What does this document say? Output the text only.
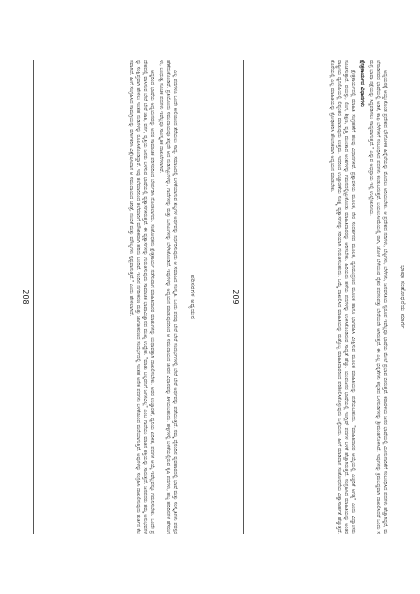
ಪರಿಸರಗಳ ಅಧ್ಯಯನ

ಎಲ್ಲ ಪದಗಳೂ ಒಂದೇ ಕೀಲಿಯಿಂದ ತೆರೆಯಲು ಸಾಧ್ಯ. ಸಮಾಜದಲ್ಲಿ ಬಳಕೆಯಾಗುವ ಶಬ್ದಗಳ ಅರ್ಥವನ್ನು ನಿರ್ಧರಿಸುವುದು ಆ ಸಮಾಜದ ಸಂಸ್ಕೃತಿ. ಒಂದು ಪದವು ಬೇರೆ ಬೇರೆ ಸಂದರ್ಭಗಳಲ್ಲಿ ಬೇರೆ ಬೇರೆ ಅರ್ಥವನ್ನು ಪಡೆಯುತ್ತದೆ. ನಮ್ಮ ದೈನಂದಿನ ವ್ಯವಹಾರದಲ್ಲಿ ಭಾಷೆ ಮತ್ತು ಸಂಸ್ಕೃತಿಗಳು ಪರಸ್ಪರ ಹೆಣೆದುಕೊಂಡಿವೆ. ಪ್ರತಿಯೊಂದು ಸಮುದಾಯವೂ ತನ್ನದೇ ಆದ ನುಡಿಗಟ್ಟುಗಳನ್ನು, ಗಾದೆಗಳನ್ನು ಮತ್ತು ಒಗಟುಗಳನ್ನು ಬೆಳೆಸಿಕೊಂಡಿದೆ. ಇವುಗಳನ್ನು ಅಧ್ಯಯನ ಮಾಡುವುದರಿಂದ ಆ ಸಮುದಾಯದ ಜೀವನ ವಿಧಾನವನ್ನು ತಿಳಿಯಬಹುದು. ಹಳ್ಳಿಗಳಲ್ಲಿ ಬಳಕೆಯಲ್ಲಿರುವ ಕೃಷಿ ಪದಗಳು, ಹಬ್ಬ ಹರಿದಿನಗಳ ಹೆಸರುಗಳು, ಬಂಧುತ್ವ ಸೂಚಕ ಪದಗಳು ಇವೆಲ್ಲವೂ ಸಾಂಸ್ಕೃತಿಕ ದಾಖಲೆಗಳಾಗಿವೆ.

ಆದ್ದರಿಂದ ಭಾಷೆಯ ಅಧ್ಯಯನವನ್ನು ಅದರ ಸಾಮಾಜಿಕ ಪರಿಸರದಿಂದ ಬೇರ್ಪಡಿಸಿ ನೋಡಲಾಗದು. ಸಂಶೋಧಕನು ಕ್ಷೇತ್ರಕಾರ್ಯ ನಡೆಸುವಾಗ ಮಾಹಿತಿದಾರರ ಮಾತುಗಳನ್ನು ಯಥಾವತ್ತಾಗಿ ದಾಖಲಿಸಬೇಕು. ಅವರ ಉಚ್ಚಾರಣೆ, ಧ್ವನಿಯ ಏರಿಳಿತ, ಪದಗಳ ಆಯ್ಕೆ ಇವೆಲ್ಲವನ್ನೂ ಗಮನಿಸಬೇಕು. ಒಂದೇ ಪ್ರದೇಶದಲ್ಲಿ ವಾಸಿಸುವ ಬೇರೆ ಬೇರೆ ಜಾತಿ, ವರ್ಗ, ವೃತ್ತಿಯ ಜನರು ಬಳಸುವ ಭಾಷೆಯಲ್ಲಿ ವ್ಯತ್ಯಾಸಗಳಿರುತ್ತವೆ. ಈ ವ್ಯತ್ಯಾಸಗಳನ್ನು ಗುರುತಿಸುವುದು ಸಾಮಾಜಿಕ ಭಾಷಾವಿಜ್ಞಾನದ ಮುಖ್ಯ ಉದ್ದೇಶ. "ಮಾತು ಬಲ್ಲವನಿಗೆ ಜಗಳವಿಲ್ಲ" ಎಂಬ ಗಾದೆಯು ಮಾತಿನ ಶಕ್ತಿಯನ್ನು ಸಾರುತ್ತದೆ. ಜನಪದರು ತಮ್ಮ ಅನುಭವಗಳನ್ನು ಸಂಕ್ಷಿಪ್ತವಾಗಿ ಹೇಳಲು ಇಂತಹ ನುಡಿಗಳನ್ನು ರೂಪಿಸಿಕೊಂಡಿದ್ದಾರೆ. ಇವು ತಲೆಮಾರಿನಿಂದ ತಲೆಮಾರಿಗೆ ಮೌಖಿಕವಾಗಿ ಹರಿದು ಬಂದಿವೆ. ಇಂದಿನ ನಗರೀಕರಣ ಮತ್ತು ಜಾಗತೀಕರಣದ ಸಂದರ್ಭದಲ್ಲಿ ಇಂತಹ ಅನೇಕ ಪದಗಳು ಬಳಕೆಯಿಂದ ಮರೆಯಾಗುತ್ತಿವೆ. ಅವುಗಳನ್ನು ಸಂಗ್ರಹಿಸಿ ದಾಖಲಿಸುವುದು ತುರ್ತಿನ ಕೆಲಸವಾಗಿದೆ. ಹೀಗೆ ಸಂಗ್ರಹಿಸಿದ ಸಾಮಗ್ರಿಯನ್ನು ವರ್ಗೀಕರಿಸಿ ವಿಶ್ಲೇಷಿಸಿದಾಗ ಆ ಸಮುದಾಯದ ಚರಿತ್ರೆ, ನಂಬಿಕೆ ಮತ್ತು ಮೌಲ್ಯಗಳು ಸ್ಪಷ್ಟವಾಗುತ್ತವೆ." ಎಂದು ಹೇಳಲಾಗಿದೆ.

208	ಭಾಷಾ ಸಂಶೋಧನೆಯ ಮಾರ್ಗ

ಅಧ್ಯಯನಕ್ಕೆ ಆಯ್ದುಕೊಂಡ ಪ್ರದೇಶದ ಭೌಗೋಳಿಕ ಹಿನ್ನೆಲೆಯನ್ನು ಮೊದಲು ಅರಿಯಬೇಕು. ಆ ಪ್ರದೇಶದ ನದಿಗಳು, ಬೆಟ್ಟಗಳು, ಬೆಳೆಗಳು, ಜನವಸತಿಯ ಸ್ವರೂಪ ಇವೆಲ್ಲವೂ ಭಾಷೆಯ ಮೇಲೆ ಪ್ರಭಾವ ಬೀರುತ್ತವೆ. ಕರಾವಳಿಯ ಜನರ ಭಾಷೆಯಲ್ಲಿ ಮೀನುಗಾರಿಕೆಗೆ ಸಂಬಂಧಿಸಿದ ಪದಗಳು ಹೆಚ್ಚಾಗಿದ್ದರೆ, ಮಲೆನಾಡಿನವರ ಭಾಷೆಯಲ್ಲಿ ಅಡಿಕೆ, ಕಾಫಿ ಬೆಳೆಗಳಿಗೆ ಸಂಬಂಧಿಸಿದ ಪದಗಳು ಕಂಡುಬರುತ್ತವೆ. ಬಯಲುಸೀಮೆಯಲ್ಲಿ ರಾಗಿ, ಜೋಳ ಬೆಳೆಯುವ ರೈತರ ಪದಸಂಪತ್ತು ಬೇರೆಯದೇ ಆಗಿರುತ್ತದೆ. ಈ ಎಲ್ಲ ಭಿನ್ನತೆಗಳು ಕನ್ನಡದ ಒಳನುಡಿಗಳನ್ನು ಶ್ರೀಮಂತಗೊಳಿಸಿವೆ. ಇವುಗಳನ್ನು ಕ್ರಮಬದ್ಧವಾಗಿ ದಾಖಲಿಸಿದರೆ ಒಂದು ಸಮಗ್ರ ಭಾಷಾ ನಕ್ಷೆಯನ್ನು ಸಿದ್ಧಪಡಿಸಲು ಸಾಧ್ಯವಾಗುತ್ತದೆ." ಎನ್ನುವ ಅಭಿಪ್ರಾಯ ಇಲ್ಲಿ ಉಲ್ಲೇಖನೀಯ.

ಕ್ಷೇತ್ರಕಾರ್ಯದ ವಿಧಾನಗಳು

ಕ್ಷೇತ್ರಕಾರ್ಯದಲ್ಲಿ ಮಾಹಿತಿ ಸಂಗ್ರಹಣೆಗೆ ಹಲವು ವಿಧಾನಗಳಿವೆ. ಪ್ರಶ್ನಾವಳಿಯ ಮೂಲಕ, ನೇರ ಸಂದರ್ಶನದ ಮೂಲಕ, ಧ್ವನಿಮುದ್ರಣದ ಮೂಲಕ ಹಾಗೂ ಭಾಗವಹಿಸಿ ವೀಕ್ಷಿಸುವ ಮೂಲಕ ಮಾಹಿತಿಯನ್ನು ಪಡೆಯಬಹುದು. "ಮಾಹಿತಿದಾರರ ಆಯ್ಕೆಯಲ್ಲಿ ಎಚ್ಚರಿಕೆ ಅಗತ್ಯ" ಎಂದು ವಿದ್ವಾಂಸರು ಸೂಚಿಸುತ್ತಾರೆ. ವಯಸ್ಸು, ಲಿಂಗ, ಶಿಕ್ಷಣ, ವೃತ್ತಿ ಮುಂತಾದ ಅಂಶಗಳನ್ನು ಗಮನದಲ್ಲಿಟ್ಟುಕೊಂಡು ಮಾಹಿತಿದಾರರನ್ನು ಆರಿಸಬೇಕು. ಹಿರಿಯರು ಹಳೆಯ ಪದಗಳನ್ನು ಉಳಿಸಿಕೊಂಡಿರುವ ಸಾಧ್ಯತೆ ಹೆಚ್ಚು. ಯುವಜನರ ಭಾಷೆಯಲ್ಲಿ ಇಂಗ್ಲಿಷ್ ಪದಗಳ ಬಳಕೆ ಹೆಚ್ಚಾಗಿರುತ್ತದೆ. ಸಂಗ್ರಹಿಸಿದ ಮಾಹಿತಿಯನ್ನು ಅಂತರರಾಷ್ಟ್ರೀಯ ಧ್ವನಿಲಿಪಿಯಲ್ಲಿ ಲಿಪ್ಯಂತರ ಮಾಡುವುದು ಉತ್ತಮ. ಇದರಿಂದ ಉಚ್ಚಾರಣೆಯ ಸೂಕ್ಷ್ಮ ವ್ಯತ್ಯಾಸಗಳನ್ನು ಸರಿಯಾಗಿ ಗುರುತಿಸಬಹುದು. ಒಮ್ಮೆ ದಾಖಲಿಸಿದ ಮಾಹಿತಿಯನ್ನು ಮತ್ತೊಬ್ಬ ಮಾಹಿತಿದಾರರಿಂದ ಪರಿಶೀಲಿಸಿಕೊಳ್ಳುವುದು ಒಳ್ಳೆಯದು. ಹೀಗೆ ಮಾಡಿದಾಗ ಸಂಶೋಧನೆಯ ವಿಶ್ವಾಸಾರ್ಹತೆ ಹೆಚ್ಚುತ್ತದೆ. ಕೊನೆಯಲ್ಲಿ ಎಲ್ಲ ಮಾಹಿತಿಯನ್ನು ಕ್ರೋಢೀಕರಿಸಿ ತೌಲನಿಕವಾಗಿ ಅಧ್ಯಯನ ಮಾಡಬೇಕು.

209
